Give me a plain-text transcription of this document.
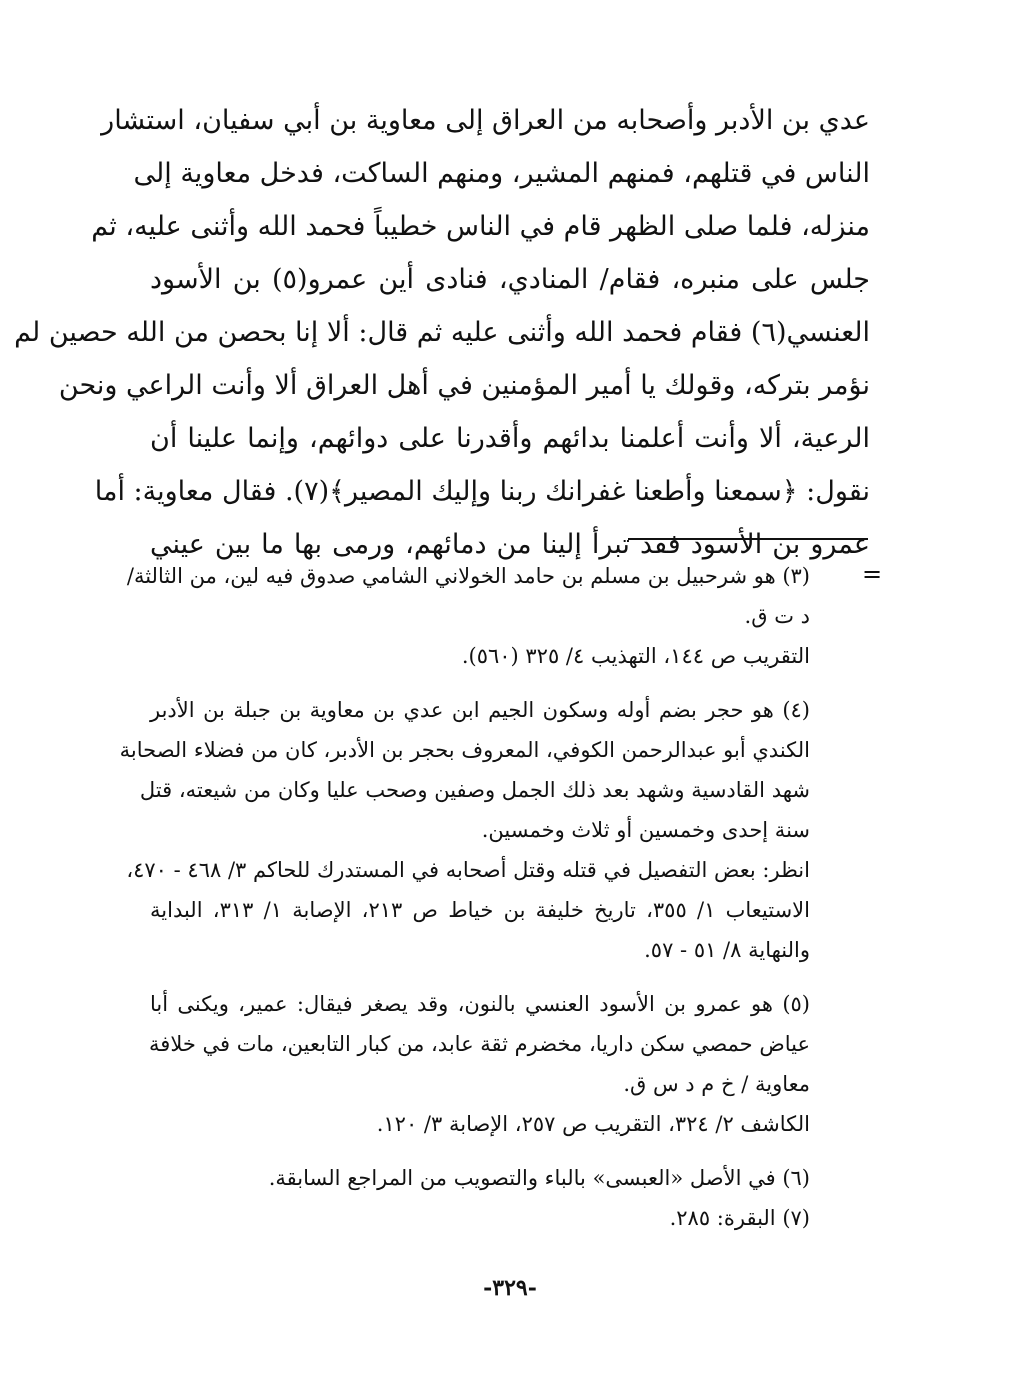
عدي بن الأدبر وأصحابه من العراق إلى معاوية بن أبي سفيان، استشار
الناس في قتلهم، فمنهم المشير، ومنهم الساكت، فدخل معاوية إلى
منزله، فلما صلى الظهر قام في الناس خطيباً فحمد الله وأثنى عليه، ثم
جلس على منبره، فقام/ المنادي، فنادى أين عمرو(٥) بن الأسود
العنسي(٦) فقام فحمد الله وأثنى عليه ثم قال: ألا إنا بحصن من الله حصين لم
نؤمر بتركه، وقولك يا أمير المؤمنين في أهل العراق ألا وأنت الراعي ونحن
الرعية، ألا وأنت أعلمنا بدائهم وأقدرنا على دوائهم، وإنما علينا أن
نقول: ﴿سمعنا وأطعنا غفرانك ربنا وإليك المصير﴾(٧). فقال معاوية: أما
عمرو بن الأسود فقد تبرأ إلينا من دمائهم، ورمى بها ما بين عيني
=
(٣) هو شرحبيل بن مسلم بن حامد الخولاني الشامي صدوق فيه لين، من الثالثة/
د ت ق.
التقريب ص ١٤٤، التهذيب ٤/ ٣٢٥ (٥٦٠).
(٤) هو حجر بضم أوله وسكون الجيم ابن عدي بن معاوية بن جبلة بن الأدبر
الكندي أبو عبدالرحمن الكوفي، المعروف بحجر بن الأدبر، كان من فضلاء الصحابة
شهد القادسية وشهد بعد ذلك الجمل وصفين وصحب عليا وكان من شيعته، قتل
سنة إحدى وخمسين أو ثلاث وخمسين.
انظر: بعض التفصيل في قتله وقتل أصحابه في المستدرك للحاكم ٣/ ٤٦٨ - ٤٧٠،
الاستيعاب ١/ ٣٥٥، تاريخ خليفة بن خياط ص ٢١٣، الإصابة ١/ ٣١٣، البداية
والنهاية ٨/ ٥١ - ٥٧.
(٥) هو عمرو بن الأسود العنسي بالنون، وقد يصغر فيقال: عمير، ويكنى أبا
عياض حمصي سكن داريا، مخضرم ثقة عابد، من كبار التابعين، مات في خلافة
معاوية / خ م د س ق.
الكاشف ٢/ ٣٢٤، التقريب ص ٢٥٧، الإصابة ٣/ ١٢٠.
(٦) في الأصل «العبسى» بالباء والتصويب من المراجع السابقة.
(٧) البقرة: ٢٨٥.
-٣٢٩-
